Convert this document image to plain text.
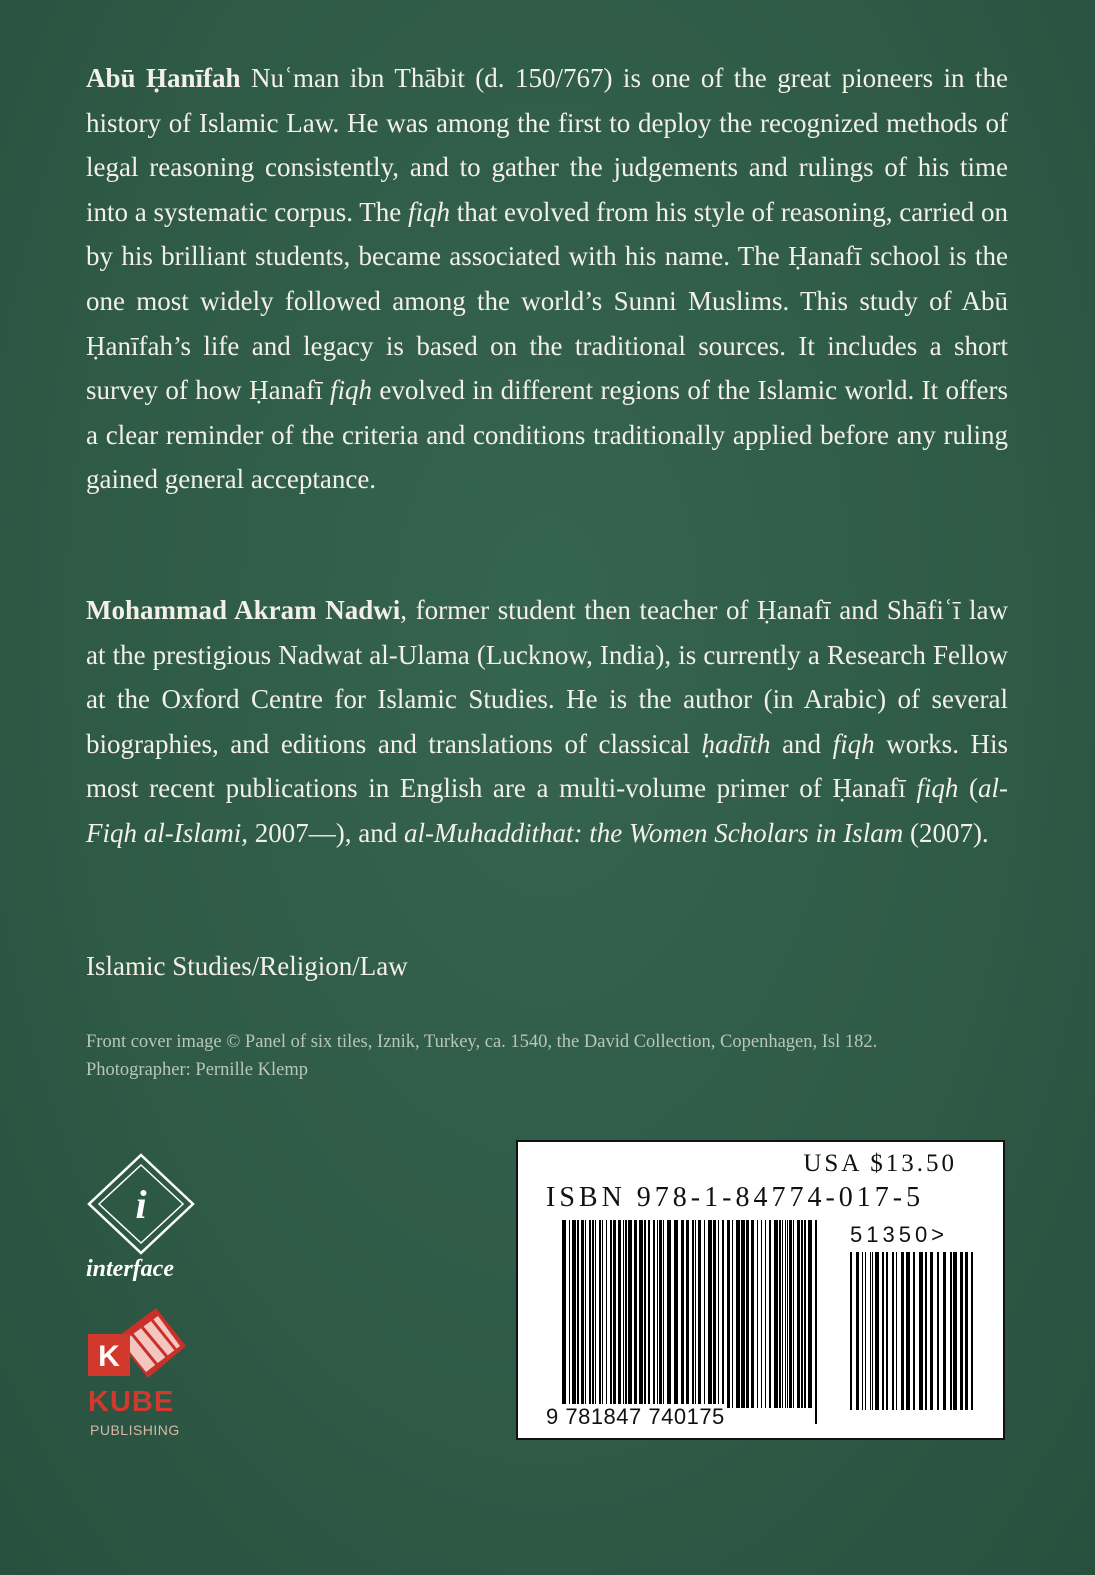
Abū Ḥanīfah Nuʿman ibn Thābit (d. 150/767) is one of the great pioneers in the history of Islamic Law. He was among the first to deploy the recognized methods of legal reasoning consistently, and to gather the judgements and rulings of his time into a systematic corpus. The fiqh that evolved from his style of reasoning, carried on by his brilliant students, became associated with his name. The Ḥanafī school is the one most widely followed among the world’s Sunni Muslims. This study of Abū Ḥanīfah’s life and legacy is based on the traditional sources. It includes a short survey of how Ḥanafī fiqh evolved in different regions of the Islamic world. It offers a clear reminder of the criteria and conditions traditionally applied before any ruling gained general acceptance.

Mohammad Akram Nadwi, former student then teacher of Ḥanafī and Shāfiʿī law at the prestigious Nadwat al-Ulama (Lucknow, India), is currently a Research Fellow at the Oxford Centre for Islamic Studies. He is the author (in Arabic) of several biographies, and editions and translations of classical ḥadīth and fiqh works. His most recent publications in English are a multi-volume primer of Ḥanafī fiqh (al-Fiqh al-Islami, 2007—), and al-Muhaddithat: the Women Scholars in Islam (2007).

Islamic Studies/Religion/Law
Front cover image © Panel of six tiles, Iznik, Turkey, ca. 1540, the David Collection, Copenhagen, Isl 182.
Photographer: Pernille Klemp
i
interface
K
KUBE
PUBLISHING
USA $13.50
ISBN 978-1-84774-017-5
51350>
9 781847 740175
